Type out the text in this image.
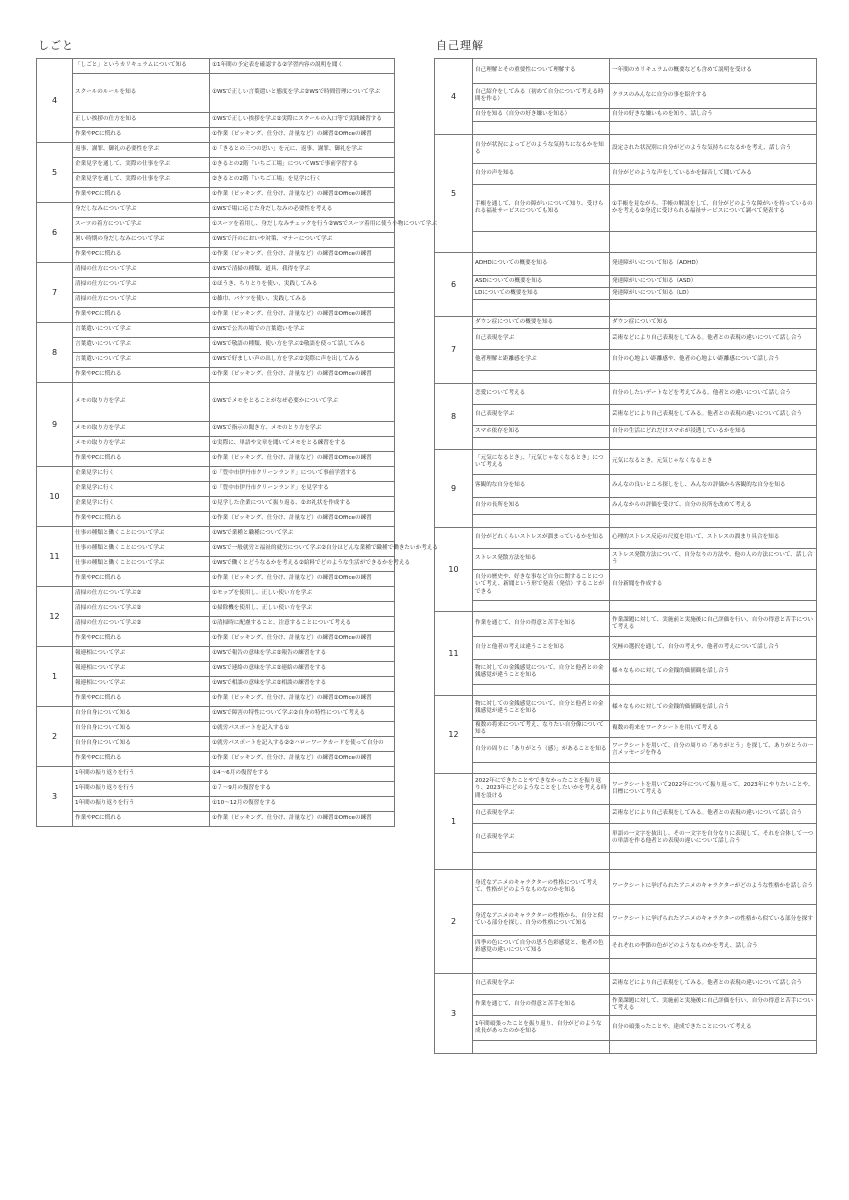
しごと
4	「しごと」というカリキュラムについて知る	①1年間の予定表を確認する②学習内容の説明を聞く
	スクールのルールを知る	①WSで正しい言葉遣いと態度を学ぶ②WSで時間管理について学ぶ
	正しい挨拶の仕方を知る	①WSで正しい挨拶を学ぶ②実際にスクールの入口等で実践練習する
	作業やPCに慣れる	①作業（ピッキング、仕分け、計量など）の練習②Officeの練習
5	返事、謝罪、御礼の必要性を学ぶ	①「きるとの三つの思い」を元に、返事、謝罪、御礼を学ぶ
	企業見学を通して、実際の仕事を学ぶ	①きるとの2階「いちご工場」についてWSで事前学習する
	企業見学を通して、実際の仕事を学ぶ	②きるとの2階「いちご工場」を見学に行く
	作業やPCに慣れる	①作業（ピッキング、仕分け、計量など）の練習②Officeの練習
6	身だしなみについて学ぶ	①WSで場に応じた身だしなみの必要性を考える
	スーツの着方について学ぶ	①スーツを着用し、身だしなみチェックを行う②WSでスーツ着用に使う小物について学ぶ
	暑い時期の身だしなみについて学ぶ	①WSで汗のにおいや対策、マナーについて学ぶ
	作業やPCに慣れる	①作業（ピッキング、仕分け、計量など）の練習②Officeの練習
7	清掃の仕方について学ぶ	①WSで清掃の種類、道具、我得を学ぶ
	清掃の仕方について学ぶ	①ほうき、ちりとりを使い、実践してみる
	清掃の仕方について学ぶ	①雑巾、バケツを使い、実践してみる
	作業やPCに慣れる	①作業（ピッキング、仕分け、計量など）の練習②Officeの練習
8	言葉遣いについて学ぶ	①WSで公共の場での言葉遣いを学ぶ
	言葉遣いについて学ぶ	①WSで敬語の種類、使い方を学ぶ②敬語を使って話してみる
	言葉遣いについて学ぶ	①WSで好ましい声の出し方を学ぶ②実際に声を出してみる
	作業やPCに慣れる	①作業（ピッキング、仕分け、計量など）の練習②Officeの練習
9	メモの取り方を学ぶ	①WSでメモをとることがなぜ必要かについて学ぶ
	メモの取り方を学ぶ	①WSで指示の聞き方、メモのとり方を学ぶ
	メモの取り方を学ぶ	①実際に、単語や文章を聞いてメモをとる練習をする
	作業やPCに慣れる	①作業（ピッキング、仕分け、計量など）の練習②Officeの練習
10	企業見学に行く	①「豊中市伊丹市クリーンランド」について事前学習する
	企業見学に行く	①「豊中市伊丹市クリーンランド」を見学する
	企業見学に行く	①見学した企業について振り返る、②お礼状を作成する
	作業やPCに慣れる	①作業（ピッキング、仕分け、計量など）の練習②Officeの練習
11	仕事の種類と働くことについて学ぶ	①WSで業種と職種について学ぶ
	仕事の種類と働くことについて学ぶ	①WSで一般就労と福祉的就労について学ぶ②自分はどんな業種で職種で働きたいか考える
	仕事の種類と働くことについて学ぶ	①WSで働くとどうなるかを考える②給料でどのような生活ができるかを考える
	作業やPCに慣れる	①作業（ピッキング、仕分け、計量など）の練習②Officeの練習
12	清掃の仕方について学ぶ②	①モップを使用し、正しい使い方を学ぶ
	清掃の仕方について学ぶ②	①掃除機を使用し、正しい使い方を学ぶ
	清掃の仕方について学ぶ②	①清掃時に配慮すること、注意することについて考える
	作業やPCに慣れる	①作業（ピッキング、仕分け、計量など）の練習②Officeの練習
1	報連相について学ぶ	①WSで報告の意味を学ぶ②報告の練習をする
	報連相について学ぶ	①WSで連絡の意味を学ぶ②連絡の練習をする
	報連相について学ぶ	①WSで相談の意味を学ぶ②相談の練習をする
	作業やPCに慣れる	①作業（ピッキング、仕分け、計量など）の練習②Officeの練習
2	自分自身について知る	①WSで障害の特性について学ぶ②自身の特性について考える
	自分自身について知る	①就労パスポートを記入する①
	自分自身について知る	①就労パスポートを記入する②②ハローワークカードを使って自分の
	作業やPCに慣れる	①作業（ピッキング、仕分け、計量など）の練習②Officeの練習
3	1年間の振り返りを行う	①4～6月の復習をする
	1年間の振り返りを行う	①７～9月の復習をする
	1年間の振り返りを行う	①10～12月の復習をする
	作業やPCに慣れる	①作業（ピッキング、仕分け、計量など）の練習②Officeの練習
自己理解
4	自己理解とその重要性について理解する	一年間のカリキュラムの概要なども含めて説明を受ける
	自己紹介をしてみる（初めて自分について考える時間を作る）	クラスのみんなに自分の事を紹介する
	自分を知る（自分の好き嫌いを知る）	自分の好きな嫌いものを知り、話し合う

5	自分が状況によってどのような気持ちになるかを知る	設定された状況別に自分がどのような気持ちになるかを考え、話し合う
	自分の声を知る	自分がどのような声をしているかを録音して聞いてみる
	手帳を通して、自分の障がいについて知り、受けられる福祉サービスについても知る	①手帳を見ながら、手帳の解説をして、自分がどのような障がいを持っているのかを考える②身近に受けられる福祉サービスについて調べて発表する

6	ADHDについての概要を知る	発達障がいについて知る（ADHD）
	ASDについての概要を知る	発達障がいについて知る（ASD）
	LDについての概要を知る	発達障がいについて知る（LD）

7	ダウン症についての概要を知る	ダウン症について知る
	自己表現を学ぶ	芸術などにより自己表現をしてみる。他者との表現の違いについて話し合う
	他者理解と距離感を学ぶ	自分の心地よい距離感や、他者の心地よい距離感について話し合う

8	恋愛について考える	自分のしたいデートなどを考えてみる。他者との違いについて話し合う
	自己表現を学ぶ	芸術などにより自己表現をしてみる。他者との表現の違いについて話し合う
	スマホ依存を知る	自分の生活にどれだけスマホが浸透しているかを知る

9	「元気になるとき」、「元気じゃなくなるとき」について考える	元気になるとき、元気じゃなくなるとき
	客観的な自分を知る	みんなの良いところ探しをし、みんなの評価から客観的な自分を知る
	自分の長所を知る	みんなからの評価を受けて、自分の長所を改めて考える

10	自分がどれくらいストレスが溜まっているかを知る	心理的ストレス反応の尺度を用いて、ストレスの溜まり具合を知る
	ストレス発散方法を知る	ストレス発散方法について、自分なりの方法や、他の人の方法について、話し合う
	自分の歴史や、好きな事など自分に関することについて考え、新聞という形で発表（発信）することができる	自分新聞を作成する

11	作業を通じて、自分の得意と苦手を知る	作業課題に対して、実施前と実施後に自己評価を行い、自分の得意と苦手について考える
	自分と他者の考えは違うことを知る	究極の選択を通して、自分の考えや、他者の考えについて話し合う
	物に対しての金銭感覚について、自分と他者との金銭感覚が違うことを知る	様々なものに対しての金銭的価値観を話し合う

12	物に対しての金銭感覚について、自分と他者との金銭感覚が違うことを知る	様々なものに対しての金銭的価値観を話し合う
	複数の将来について考え、なりたい自分像について知る	複数の将来をワークシートを用いて考える
	自分の周りに「ありがとう（感）」があることを知る	ワークシートを用いて、自分の周りの「ありがとう」を探して、ありがとうの一言メッセージを作る

1	2022年にできたことやできなかったことを振り返り、2023年にどのようなことをしたいかを考える時間を設ける	ワークシートを用いて2022年について振り返って、2023年にやりたいことや、目標について考える
	自己表現を学ぶ	芸術などにより自己表現をしてみる。他者との表現の違いについて話し合う
	自己表現を学ぶ	単語の一文字を抜出し、その一文字を自分なりに表現して、それを合体して一つの単語を作る他者との表現の違いについて話し合う

2	身近なアニメのキャラクターの性格について考えて、性格がどのようなものなのかを知る	ワークシートに挙げられたアニメのキャラクターがどのような性格かを話し合う
	身近なアニメのキャラクターの性格から、自分と似ている部分を探し、自分の性格について知る	ワークシートに挙げられたアニメのキャラクターの性格から似ている部分を探す
	四季の色について自分の思う色彩感覚と、他者の色彩感覚の違いについて知る	それぞれの季節の色がどのようなものかを考え、話し合う

3	自己表現を学ぶ	芸術などにより自己表現をしてみる。他者との表現の違いについて話し合う
	作業を通じて、自分の得意と苦手を知る	作業課題に対して、実施前と実施後に自己評価を行い、自分の得意と苦手について考える
	1年間頑張ったことを振り返り、自分がどのような成長があったのかを知る	自分の頑張ったことや、達成できたことについて考える
